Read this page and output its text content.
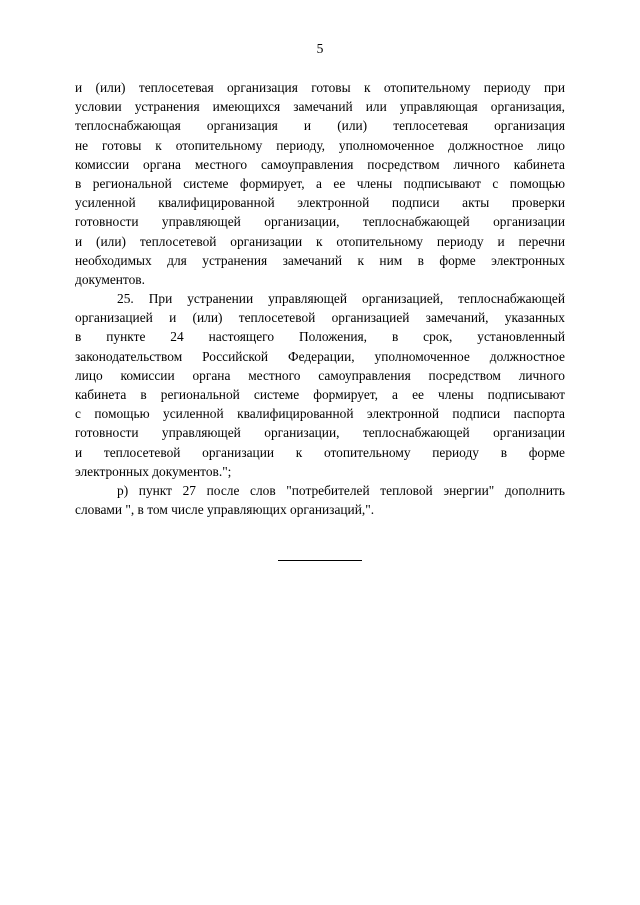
5
и (или) теплосетевая организация готовы к отопительному периоду при
условии устранения имеющихся замечаний или управляющая организация,
теплоснабжающая организация и (или) теплосетевая организация
не готовы к отопительному периоду, уполномоченное должностное лицо
комиссии органа местного самоуправления посредством личного кабинета
в региональной системе формирует, а ее члены подписывают с помощью
усиленной квалифицированной электронной подписи акты проверки
готовности управляющей организации, теплоснабжающей организации
и (или) теплосетевой организации к отопительному периоду и перечни
необходимых для устранения замечаний к ним в форме электронных
документов.
25. При устранении управляющей организацией, теплоснабжающей
организацией и (или) теплосетевой организацией замечаний, указанных
в пункте 24 настоящего Положения, в срок, установленный
законодательством Российской Федерации, уполномоченное должностное
лицо комиссии органа местного самоуправления посредством личного
кабинета в региональной системе формирует, а ее члены подписывают
с помощью усиленной квалифицированной электронной подписи паспорта
готовности управляющей организации, теплоснабжающей организации
и теплосетевой организации к отопительному периоду в форме
электронных документов.";
р) пункт 27 после слов "потребителей тепловой энергии" дополнить
словами ", в том числе управляющих организаций,".
